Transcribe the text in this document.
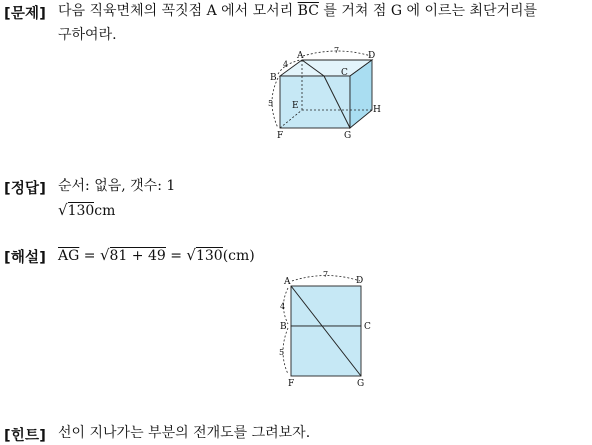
[문제] 다음 직육면체의 꼭짓점 A 에서 모서리 $\overline{BC}$ 를 거쳐 점 G 에 이르는 최단거리를
구하여라.
A	D
B	C
E	H
F	G
7
4
5
[정답] 순서: 없음, 갯수: 1
√130cm
[해설] $\overline{AG} = √81 + 49 = √130(cm)$
A	D
B	C
F	G
7
4
5
[힌트] 선이 지나가는 부분의 전개도를 그려보자.
